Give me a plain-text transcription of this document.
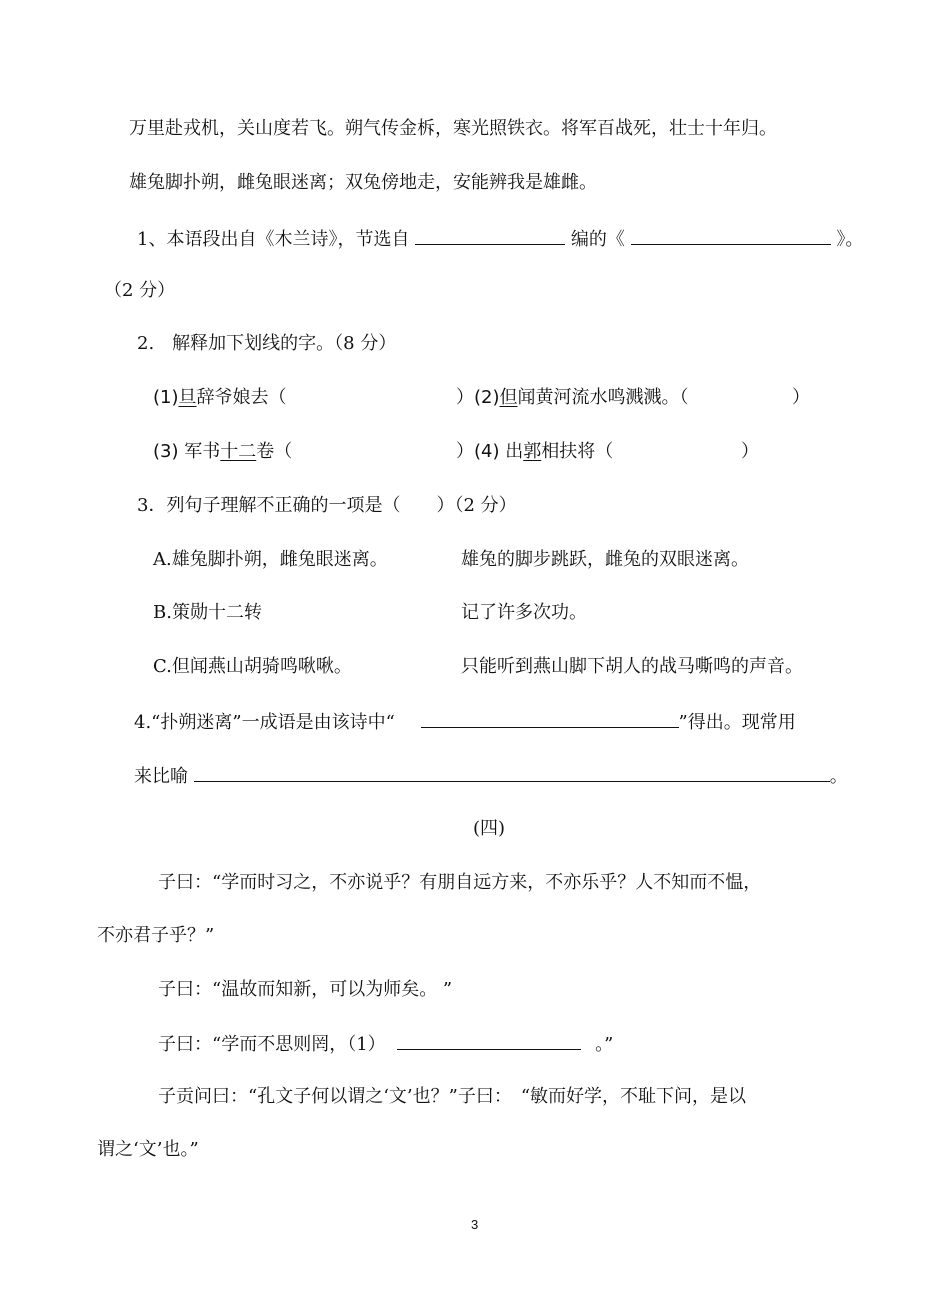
万里赴戎机，关山度若飞。朔气传金柝，寒光照铁衣。将军百战死，壮士十年归。
雄兔脚扑朔，雌兔眼迷离；双兔傍地走，安能辨我是雄雌。
1、本语段出自《木兰诗》，节选自	编的《	》。
（2 分）
2.　解释加下划线的字。（8 分）
(1)旦辞爷娘去（	）(2)但闻黄河流水鸣溅溅。（	）
(3) 军书十二卷（	）(4) 出郭相扶将（	）
3．列句子理解不正确的一项是（　　）（2 分）
A.雄兔脚扑朔，雌兔眼迷离。	雄兔的脚步跳跃，雌兔的双眼迷离。
B.策勋十二转	记了许多次功。
C.但闻燕山胡骑鸣啾啾。	只能听到燕山脚下胡人的战马嘶鸣的声音。
4.“扑朔迷离”一成语是由该诗中“	”得出。现常用
来比喻	。
(四)
子曰：“学而时习之，不亦说乎？有朋自远方来，不亦乐乎？人不知而不愠，
不亦君子乎？”
子曰：“温故而知新，可以为师矣。 ”
子曰：“学而不思则罔，（1）	。”
子贡问曰：“孔文子何以谓之‘文’也？”子曰：　“敏而好学，不耻下问，是以
谓之‘文’也。”
3
